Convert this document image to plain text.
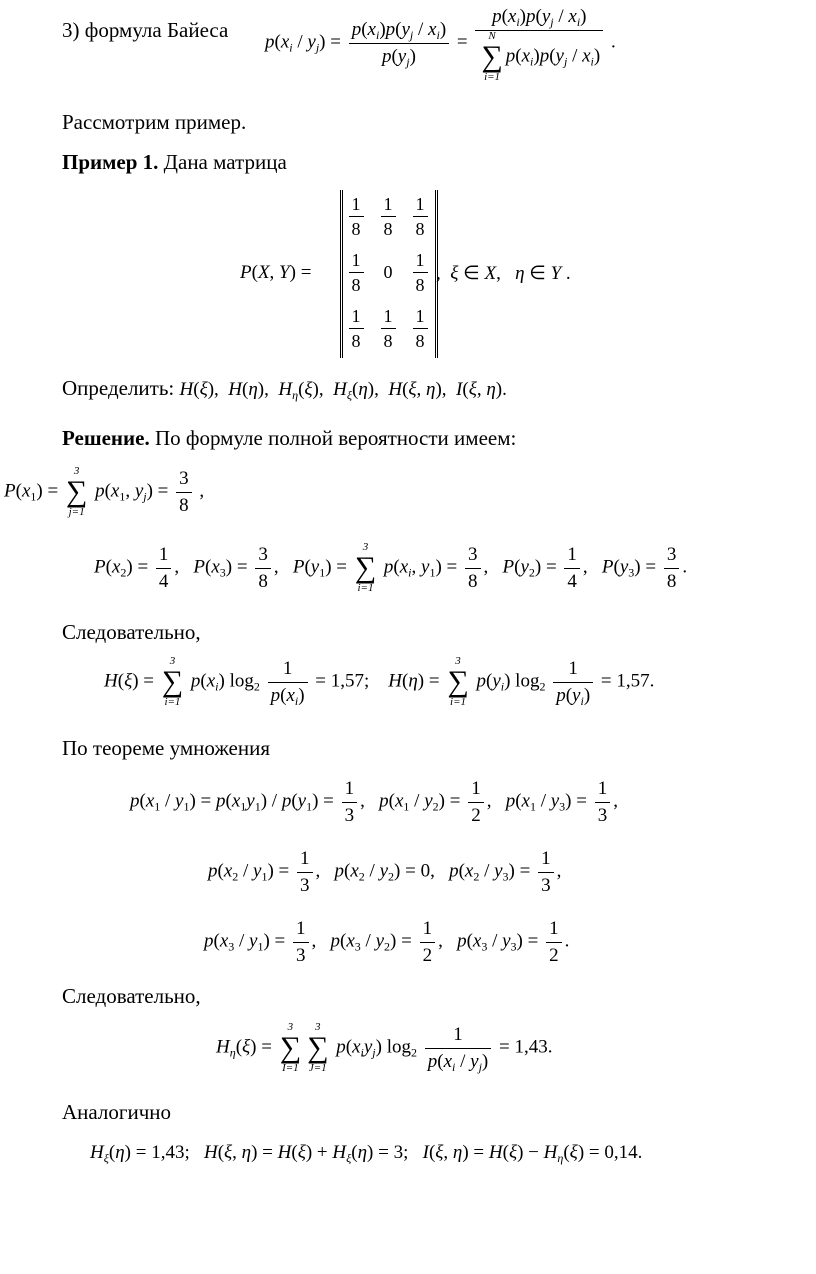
3) формула Байеса
$p(x_i / y_j) = \frac{p(x_i)p(y_j / x_i)}{p(y_j)} = p(x_i)p(y_j / x_i)$
N
∑
i=1
$p(x_i)p(y_j / x_i)$ .
Рассмотрим пример.
Пример 1. Дана матрица
P(X, Y) =
$\frac{1}{8} \frac{1}{8} \frac{1}{8}$
$\frac{1}{8}$	0	$\frac{1}{8}$
$\frac{1}{8} \frac{1}{8} \frac{1}{8}$
,  ξ ∈ X,   η ∈ Y .
Определить: H(ξ),  H(η),  $H_\eta(\xi)$,  $H_\xi(\eta)$,  H(ξ, η),  I(ξ, η).
Решение. По формуле полной вероятности имеем:
$P(x_1)$ =
3
∑
j=1
$p(x_1$, $y_j) = \frac{3}{8}$ ,
$P(x_2) = \frac{1}{4}$ ,   $P(x_3) = \frac{3}{8}$ ,   $P(y_1)$ =
3
∑
i=1
$p(x_i$, $y_1) = \frac{3}{8}$ ,   $P(y_2) = \frac{1}{4}$ ,   $P(y_3) = \frac{3}{8}$ .
Следовательно,
H(ξ) =
3
∑
i=1
$p(x_i)$ $\log_2 \frac{1}{p(x_i)} = 1,57$;    H(η) =
3
∑
i=1
$p(y_i)$ $\log_2 \frac{1}{p(y_i)} = 1,57$.
По теореме умножения
$p(x_1 / y_1) = p(x_1y_1) / p(y_1) = \frac{1}{3}$ ,   $p(x_1 / y_2) = \frac{1}{2}$ ,   $p(x_1 / y_3) = \frac{1}{3}$ ,
$p(x_2 / y_1) = \frac{1}{3}$ ,   $p(x_2 / y_2) = 0$,   $p(x_2 / y_3) = \frac{1}{3}$ ,
$p(x_3 / y_1) = \frac{1}{3}$ ,   $p(x_3 / y_2) = \frac{1}{2}$ ,   $p(x_3 / y_3) = \frac{1}{2}$ .
Следовательно,
$H_\eta(\xi)$ =
3
∑
I=1
3
∑
J=1
$p(x_iy_j)$ $\log_2 \frac{1}{p(x_i / y_j)} = 1,43$.
Аналогично
$H_\xi(\eta) = 1,43$;   H(ξ, $\eta) = H(\xi) + H_\xi(\eta) = 3$;   I(ξ, $\eta) = H(\xi) - H_\eta(\xi) = 0,14$.
